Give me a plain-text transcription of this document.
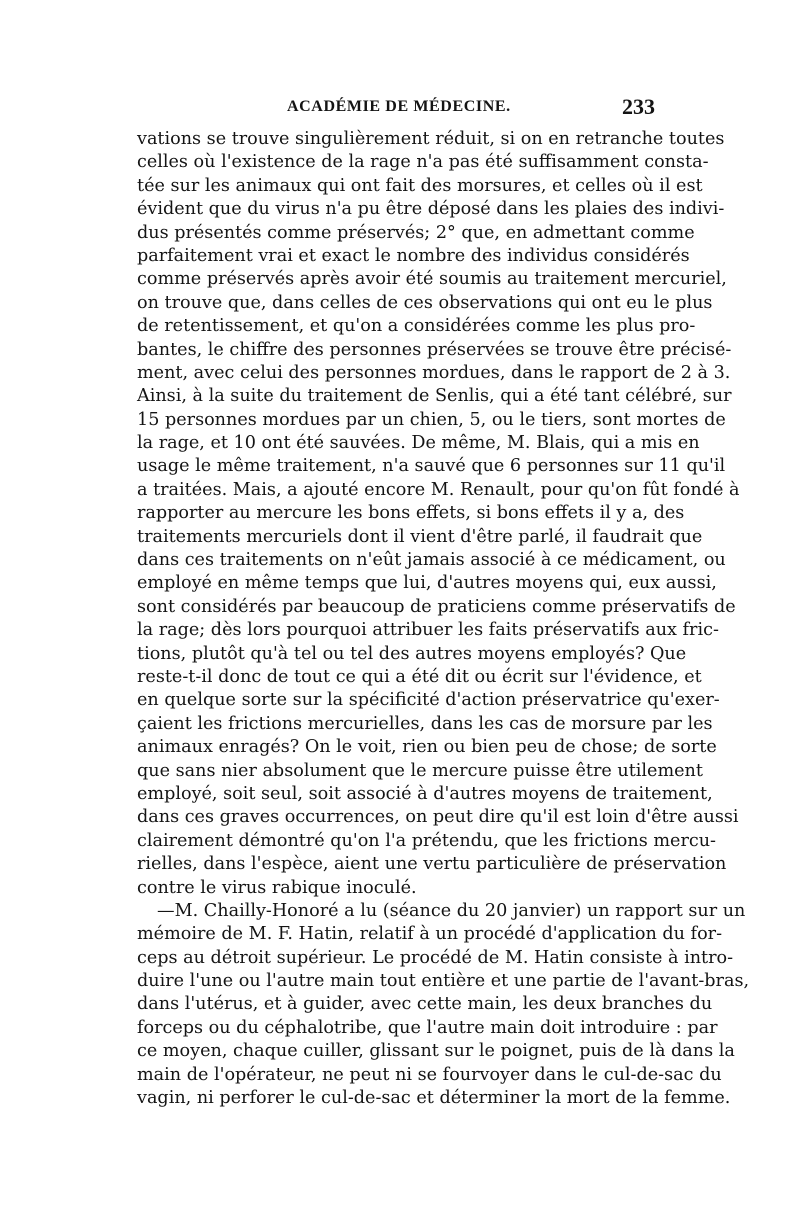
ACADÉMIE DE MÉDECINE.	233
vations se trouve singulièrement réduit, si on en retranche toutes
celles où l'existence de la rage n'a pas été suffisamment consta-
tée sur les animaux qui ont fait des morsures, et celles où il est
évident que du virus n'a pu être déposé dans les plaies des indivi-
dus présentés comme préservés; 2° que, en admettant comme
parfaitement vrai et exact le nombre des individus considérés
comme préservés après avoir été soumis au traitement mercuriel,
on trouve que, dans celles de ces observations qui ont eu le plus
de retentissement, et qu'on a considérées comme les plus pro-
bantes, le chiffre des personnes préservées se trouve être précisé-
ment, avec celui des personnes mordues, dans le rapport de 2 à 3.
Ainsi, à la suite du traitement de Senlis, qui a été tant célébré, sur
15 personnes mordues par un chien, 5, ou le tiers, sont mortes de
la rage, et 10 ont été sauvées. De même, M. Blais, qui a mis en
usage le même traitement, n'a sauvé que 6 personnes sur 11 qu'il
a traitées. Mais, a ajouté encore M. Renault, pour qu'on fût fondé à
rapporter au mercure les bons effets, si bons effets il y a, des
traitements mercuriels dont il vient d'être parlé, il faudrait que
dans ces traitements on n'eût jamais associé à ce médicament, ou
employé en même temps que lui, d'autres moyens qui, eux aussi,
sont considérés par beaucoup de praticiens comme préservatifs de
la rage; dès lors pourquoi attribuer les faits préservatifs aux fric-
tions, plutôt qu'à tel ou tel des autres moyens employés? Que
reste-t-il donc de tout ce qui a été dit ou écrit sur l'évidence, et
en quelque sorte sur la spécificité d'action préservatrice qu'exer-
çaient les frictions mercurielles, dans les cas de morsure par les
animaux enragés? On le voit, rien ou bien peu de chose; de sorte
que sans nier absolument que le mercure puisse être utilement
employé, soit seul, soit associé à d'autres moyens de traitement,
dans ces graves occurrences, on peut dire qu'il est loin d'être aussi
clairement démontré qu'on l'a prétendu, que les frictions mercu-
rielles, dans l'espèce, aient une vertu particulière de préservation
contre le virus rabique inoculé.
—M. Chailly-Honoré a lu (séance du 20 janvier) un rapport sur un
mémoire de M. F. Hatin, relatif à un procédé d'application du for-
ceps au détroit supérieur. Le procédé de M. Hatin consiste à intro-
duire l'une ou l'autre main tout entière et une partie de l'avant-bras,
dans l'utérus, et à guider, avec cette main, les deux branches du
forceps ou du céphalotribe, que l'autre main doit introduire : par
ce moyen, chaque cuiller, glissant sur le poignet, puis de là dans la
main de l'opérateur, ne peut ni se fourvoyer dans le cul-de-sac du
vagin, ni perforer le cul-de-sac et déterminer la mort de la femme.
